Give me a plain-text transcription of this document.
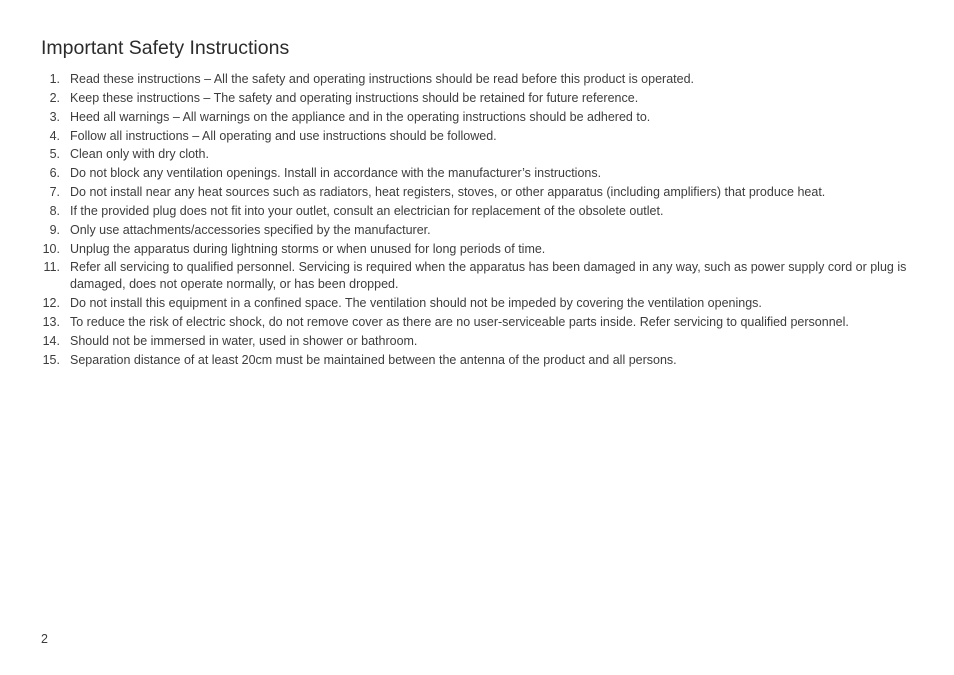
Important Safety Instructions
1. Read these instructions – All the safety and operating instructions should be read before this product is operated.
2. Keep these instructions – The safety and operating instructions should be retained for future reference.
3. Heed all warnings – All warnings on the appliance and in the operating instructions should be adhered to.
4. Follow all instructions – All operating and use instructions should be followed.
5. Clean only with dry cloth.
6. Do not block any ventilation openings. Install in accordance with the manufacturer’s instructions.
7. Do not install near any heat sources such as radiators, heat registers, stoves, or other apparatus (including amplifiers) that produce heat.
8. If the provided plug does not fit into your outlet, consult an electrician for replacement of the obsolete outlet.
9. Only use attachments/accessories specified by the manufacturer.
10. Unplug the apparatus during lightning storms or when unused for long periods of time.
11. Refer all servicing to qualified personnel. Servicing is required when the apparatus has been damaged in any way, such as power supply cord or plug is damaged, does not operate normally, or has been dropped.
12. Do not install this equipment in a confined space. The ventilation should not be impeded by covering the ventilation openings.
13. To reduce the risk of electric shock, do not remove cover as there are no user-serviceable parts inside. Refer servicing to qualified personnel.
14. Should not be immersed in water, used in shower or bathroom.
15. Separation distance of at least 20cm must be maintained between the antenna of the product and all persons.
2
